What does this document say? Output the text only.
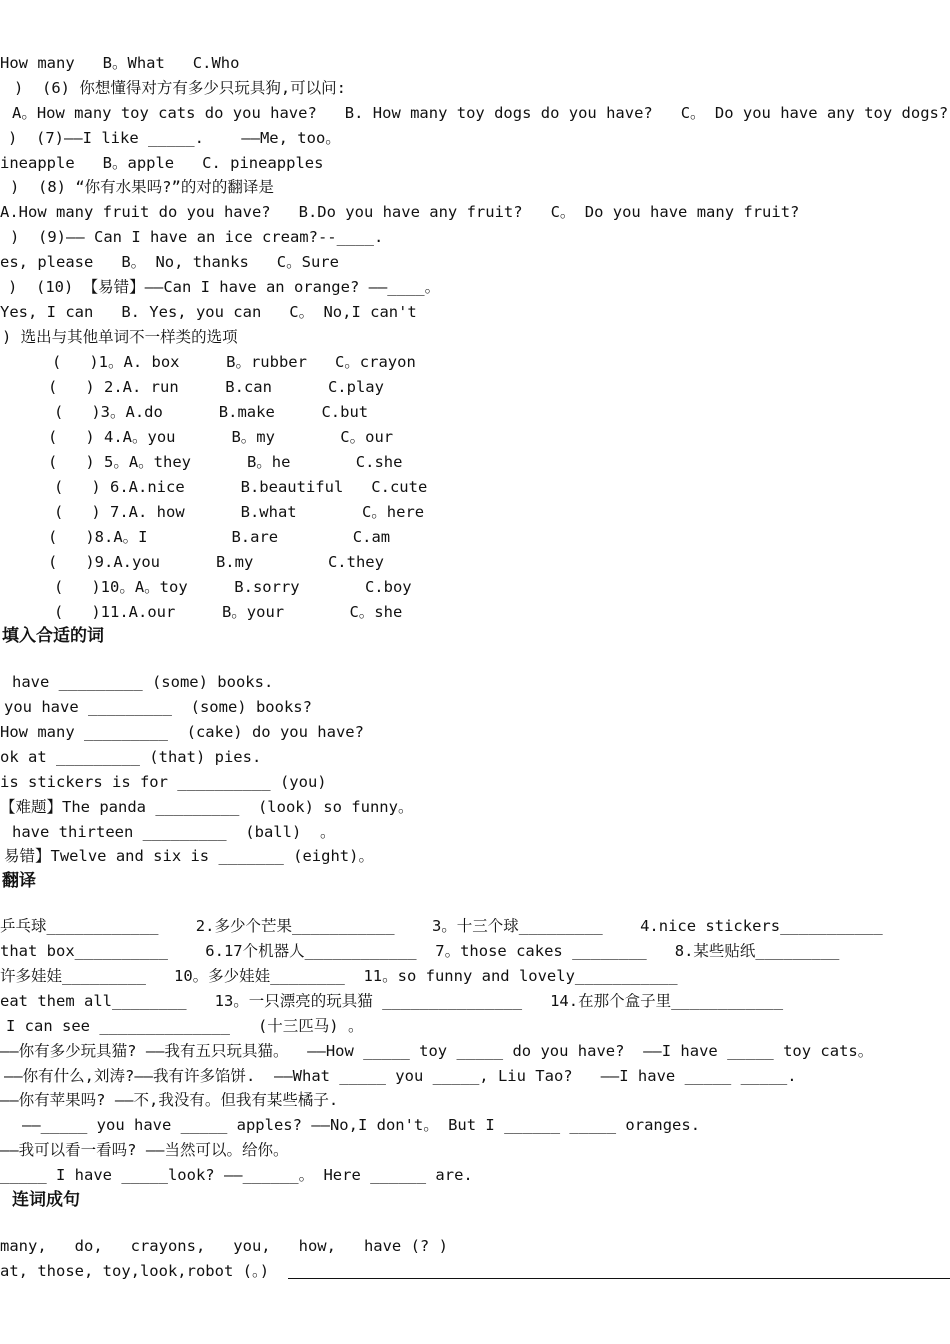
How many   B。What   C.Who
)  (6) 你想懂得对方有多少只玩具狗,可以问:
A。How many toy cats do you have?   B. How many toy dogs do you have?   C。 Do you have any toy dogs?
)  (7)——I like _____.    ——Me, too。
ineapple   B。apple   C. pineapples
)  (8) “你有水果吗?”的对的翻译是
A.How many fruit do you have?   B.Do you have any fruit?   C。 Do you have many fruit?
)  (9)—— Can I have an ice cream?--____.
es, please   B。 No, thanks   C。Sure
)  (10) 【易错】——Can I have an orange? ——____。
Yes, I can   B. Yes, you can   C。 No,I can't
) 选出与其他单词不一样类的选项
(   )1。A. box     B。rubber   C。crayon
(   ) 2.A. run     B.can      C.play
(   )3。A.do      B.make     C.but
(   ) 4.A。you      B。my       C。our
(   ) 5。A。they      B。he       C.she
(   ) 6.A.nice      B.beautiful   C.cute
(   ) 7.A. how      B.what       C。here
(   )8.A。I         B.are        C.am
(   )9.A.you      B.my        C.they
(   )10。A。toy     B.sorry       C.boy
(   )11.A.our     B。your       C。she
填入合适的词
have _________ (some) books.
you have _________  (some) books?
How many _________  (cake) do you have?
ok at _________ (that) pies.
is stickers is for __________ (you)
【难题】The panda _________  (look) so funny。
have thirteen _________  (ball)  。
易错】Twelve and six is _______ (eight)。
翻译
乒乓球____________    2.多少个芒果___________    3。十三个球_________    4.nice stickers___________
that box__________    6.17个机器人____________  7。those cakes ________   8.某些贴纸_________
许多娃娃_________   10。多少娃娃________  11。so funny and lovely___________
eat them all________   13。一只漂亮的玩具猫 _______________   14.在那个盒子里____________
I can see ______________   (十三匹马) 。
——你有多少玩具猫? ——我有五只玩具猫。  ——How _____ toy _____ do you have?  ——I have _____ toy cats。
——你有什么,刘涛?——我有许多馅饼.  ——What _____ you _____, Liu Tao?   ——I have _____ _____.
——你有苹果吗? ——不,我没有。但我有某些橘子.
——_____ you have _____ apples? ——No,I don't。 But I ______ _____ oranges.
——我可以看一看吗? ——当然可以。给你。
_____ I have _____look? ——______。 Here ______ are.
连词成句
many,   do,   crayons,   you,   how,   have (? )
at, those, toy,look,robot (。)
